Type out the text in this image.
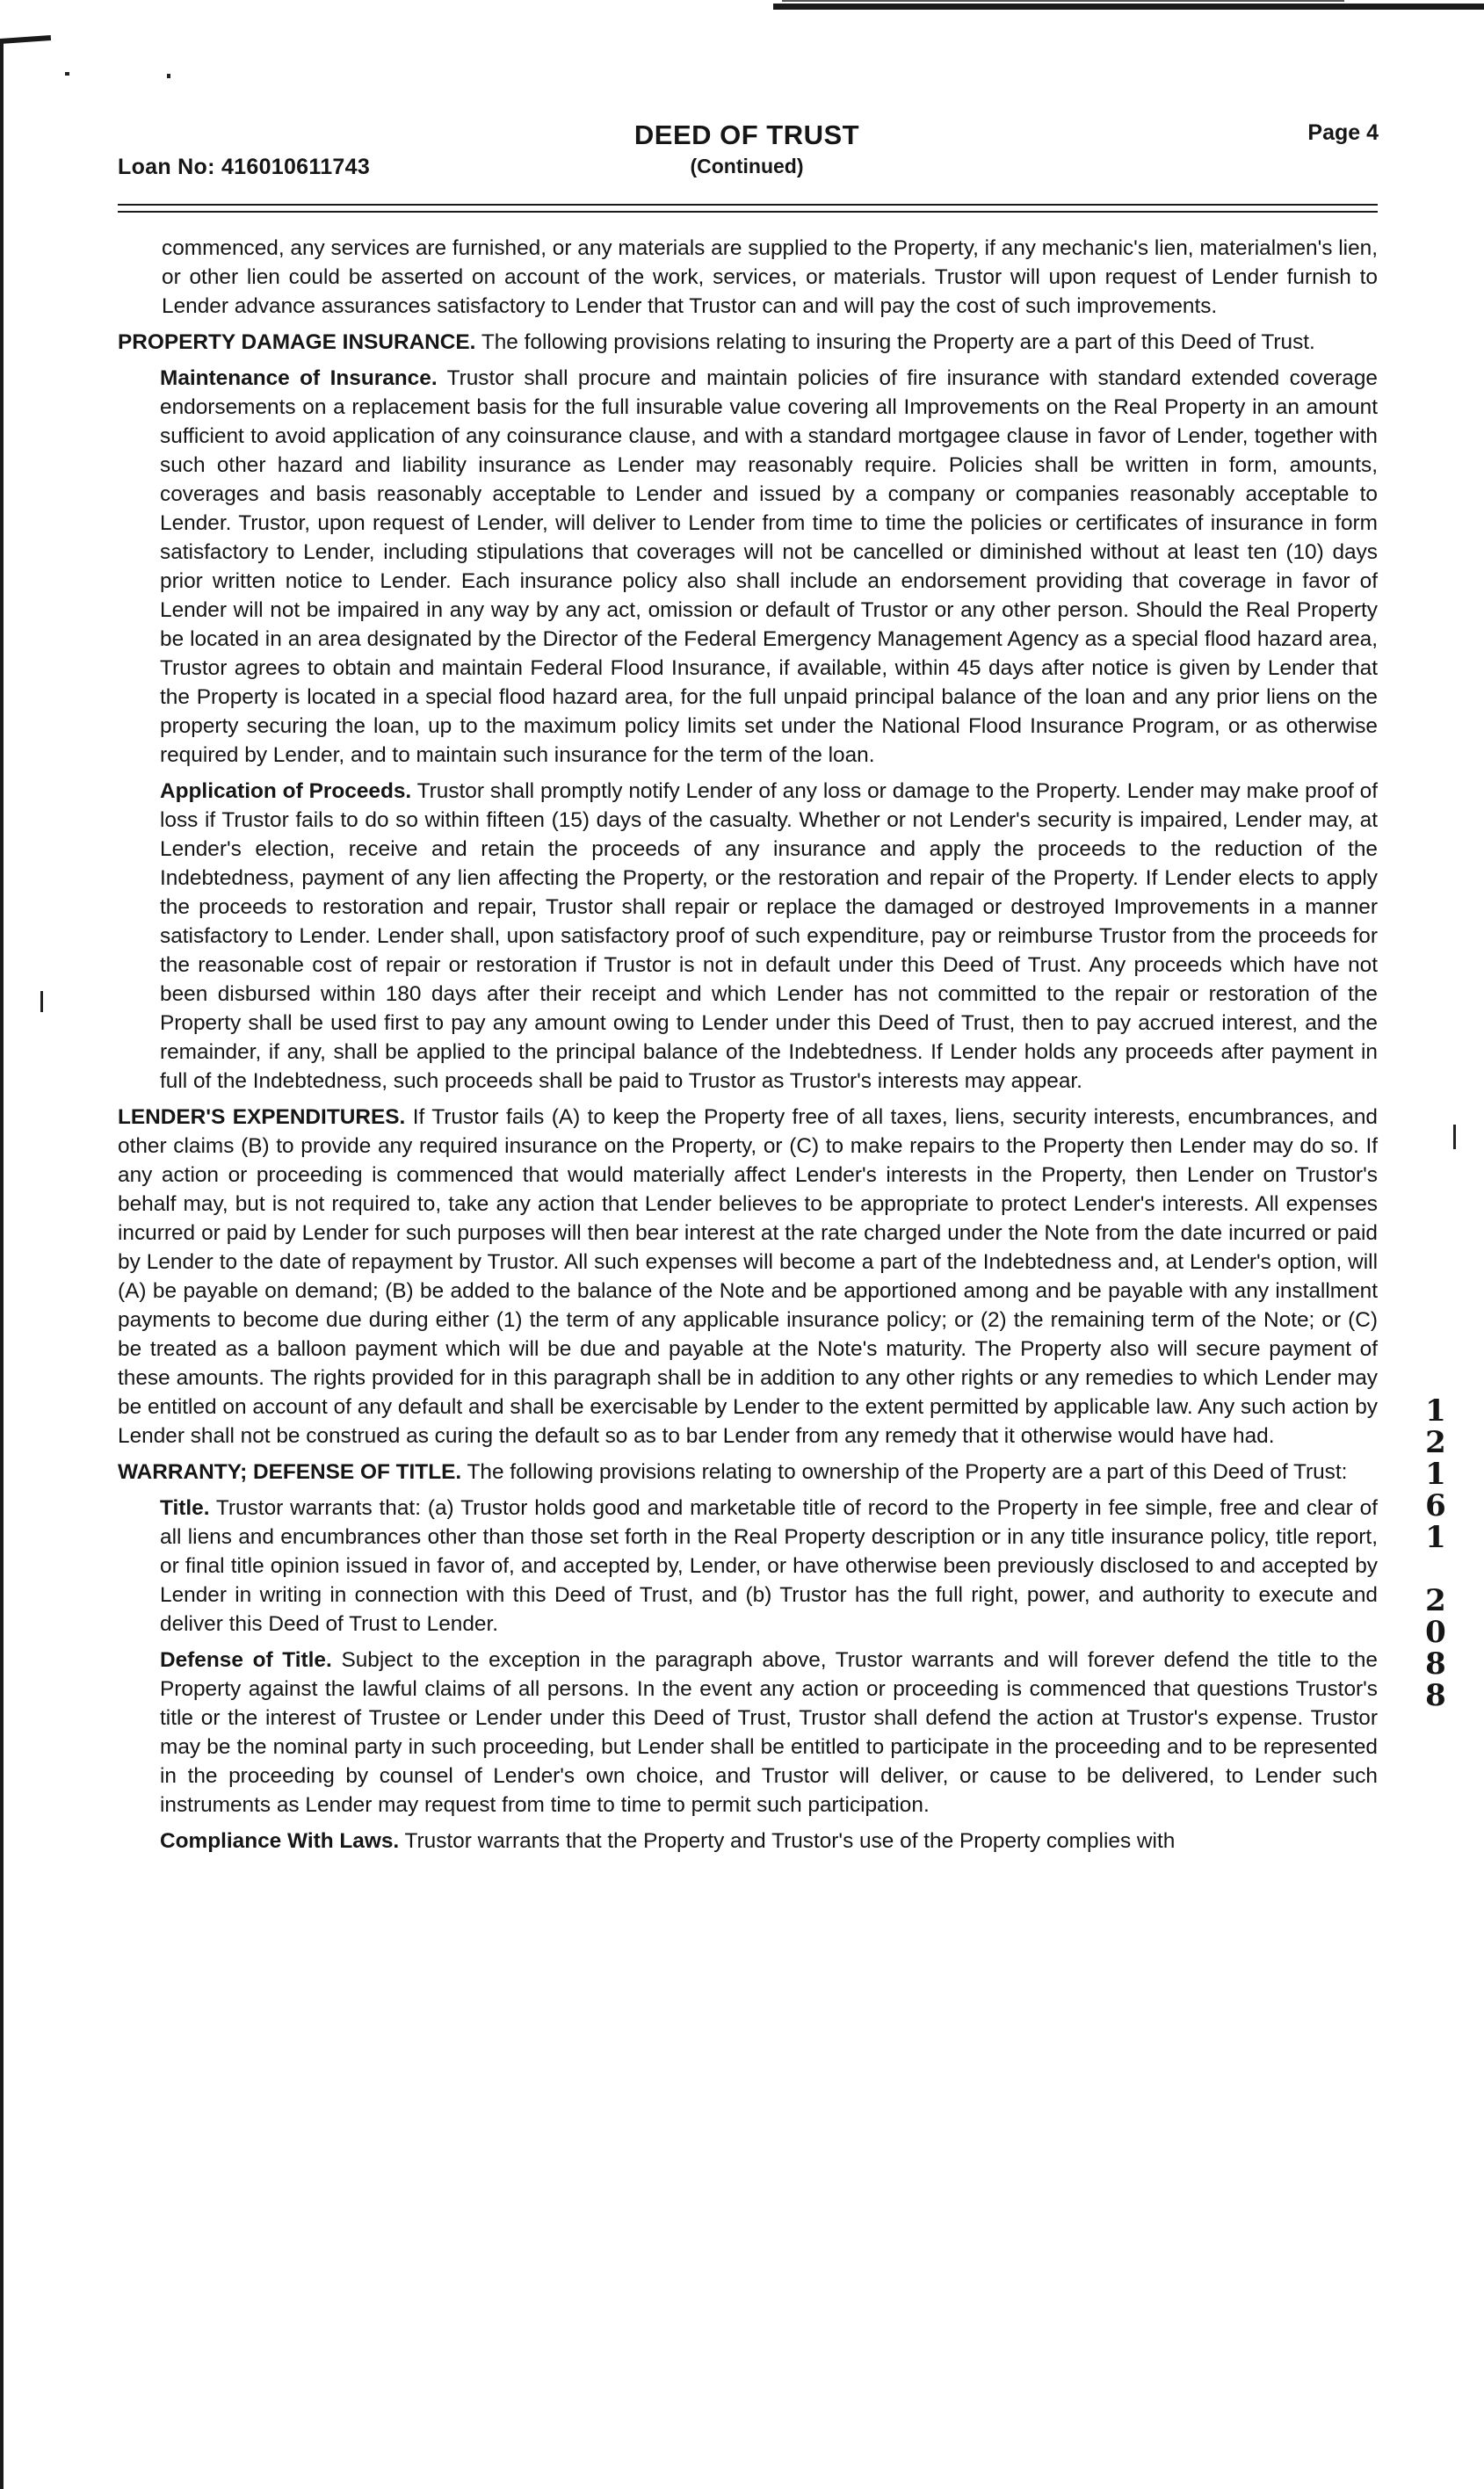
Loan No: 416010611743
DEED OF TRUST
(Continued)
Page 4

commenced, any services are furnished, or any materials are supplied to the Property, if any mechanic's lien, materialmen's lien, or other lien could be asserted on account of the work, services, or materials. Trustor will upon request of Lender furnish to Lender advance assurances satisfactory to Lender that Trustor can and will pay the cost of such improvements.

PROPERTY DAMAGE INSURANCE. The following provisions relating to insuring the Property are a part of this Deed of Trust.

Maintenance of Insurance. Trustor shall procure and maintain policies of fire insurance with standard extended coverage endorsements on a replacement basis for the full insurable value covering all Improvements on the Real Property in an amount sufficient to avoid application of any coinsurance clause, and with a standard mortgagee clause in favor of Lender, together with such other hazard and liability insurance as Lender may reasonably require. Policies shall be written in form, amounts, coverages and basis reasonably acceptable to Lender and issued by a company or companies reasonably acceptable to Lender. Trustor, upon request of Lender, will deliver to Lender from time to time the policies or certificates of insurance in form satisfactory to Lender, including stipulations that coverages will not be cancelled or diminished without at least ten (10) days prior written notice to Lender. Each insurance policy also shall include an endorsement providing that coverage in favor of Lender will not be impaired in any way by any act, omission or default of Trustor or any other person. Should the Real Property be located in an area designated by the Director of the Federal Emergency Management Agency as a special flood hazard area, Trustor agrees to obtain and maintain Federal Flood Insurance, if available, within 45 days after notice is given by Lender that the Property is located in a special flood hazard area, for the full unpaid principal balance of the loan and any prior liens on the property securing the loan, up to the maximum policy limits set under the National Flood Insurance Program, or as otherwise required by Lender, and to maintain such insurance for the term of the loan.

Application of Proceeds. Trustor shall promptly notify Lender of any loss or damage to the Property. Lender may make proof of loss if Trustor fails to do so within fifteen (15) days of the casualty. Whether or not Lender's security is impaired, Lender may, at Lender's election, receive and retain the proceeds of any insurance and apply the proceeds to the reduction of the Indebtedness, payment of any lien affecting the Property, or the restoration and repair of the Property. If Lender elects to apply the proceeds to restoration and repair, Trustor shall repair or replace the damaged or destroyed Improvements in a manner satisfactory to Lender. Lender shall, upon satisfactory proof of such expenditure, pay or reimburse Trustor from the proceeds for the reasonable cost of repair or restoration if Trustor is not in default under this Deed of Trust. Any proceeds which have not been disbursed within 180 days after their receipt and which Lender has not committed to the repair or restoration of the Property shall be used first to pay any amount owing to Lender under this Deed of Trust, then to pay accrued interest, and the remainder, if any, shall be applied to the principal balance of the Indebtedness. If Lender holds any proceeds after payment in full of the Indebtedness, such proceeds shall be paid to Trustor as Trustor's interests may appear.

LENDER'S EXPENDITURES. If Trustor fails (A) to keep the Property free of all taxes, liens, security interests, encumbrances, and other claims (B) to provide any required insurance on the Property, or (C) to make repairs to the Property then Lender may do so. If any action or proceeding is commenced that would materially affect Lender's interests in the Property, then Lender on Trustor's behalf may, but is not required to, take any action that Lender believes to be appropriate to protect Lender's interests. All expenses incurred or paid by Lender for such purposes will then bear interest at the rate charged under the Note from the date incurred or paid by Lender to the date of repayment by Trustor. All such expenses will become a part of the Indebtedness and, at Lender's option, will (A) be payable on demand; (B) be added to the balance of the Note and be apportioned among and be payable with any installment payments to become due during either (1) the term of any applicable insurance policy; or (2) the remaining term of the Note; or (C) be treated as a balloon payment which will be due and payable at the Note's maturity. The Property also will secure payment of these amounts. The rights provided for in this paragraph shall be in addition to any other rights or any remedies to which Lender may be entitled on account of any default and shall be exercisable by Lender to the extent permitted by applicable law. Any such action by Lender shall not be construed as curing the default so as to bar Lender from any remedy that it otherwise would have had.

WARRANTY; DEFENSE OF TITLE. The following provisions relating to ownership of the Property are a part of this Deed of Trust:

Title. Trustor warrants that: (a) Trustor holds good and marketable title of record to the Property in fee simple, free and clear of all liens and encumbrances other than those set forth in the Real Property description or in any title insurance policy, title report, or final title opinion issued in favor of, and accepted by, Lender, or have otherwise been previously disclosed to and accepted by Lender in writing in connection with this Deed of Trust, and (b) Trustor has the full right, power, and authority to execute and deliver this Deed of Trust to Lender.

Defense of Title. Subject to the exception in the paragraph above, Trustor warrants and will forever defend the title to the Property against the lawful claims of all persons. In the event any action or proceeding is commenced that questions Trustor's title or the interest of Trustee or Lender under this Deed of Trust, Trustor shall defend the action at Trustor's expense. Trustor may be the nominal party in such proceeding, but Lender shall be entitled to participate in the proceeding and to be represented in the proceeding by counsel of Lender's own choice, and Trustor will deliver, or cause to be delivered, to Lender such instruments as Lender may request from time to time to permit such participation.

Compliance With Laws. Trustor warrants that the Property and Trustor's use of the Property complies with

1
2
1
6
1
2
0
8
8
